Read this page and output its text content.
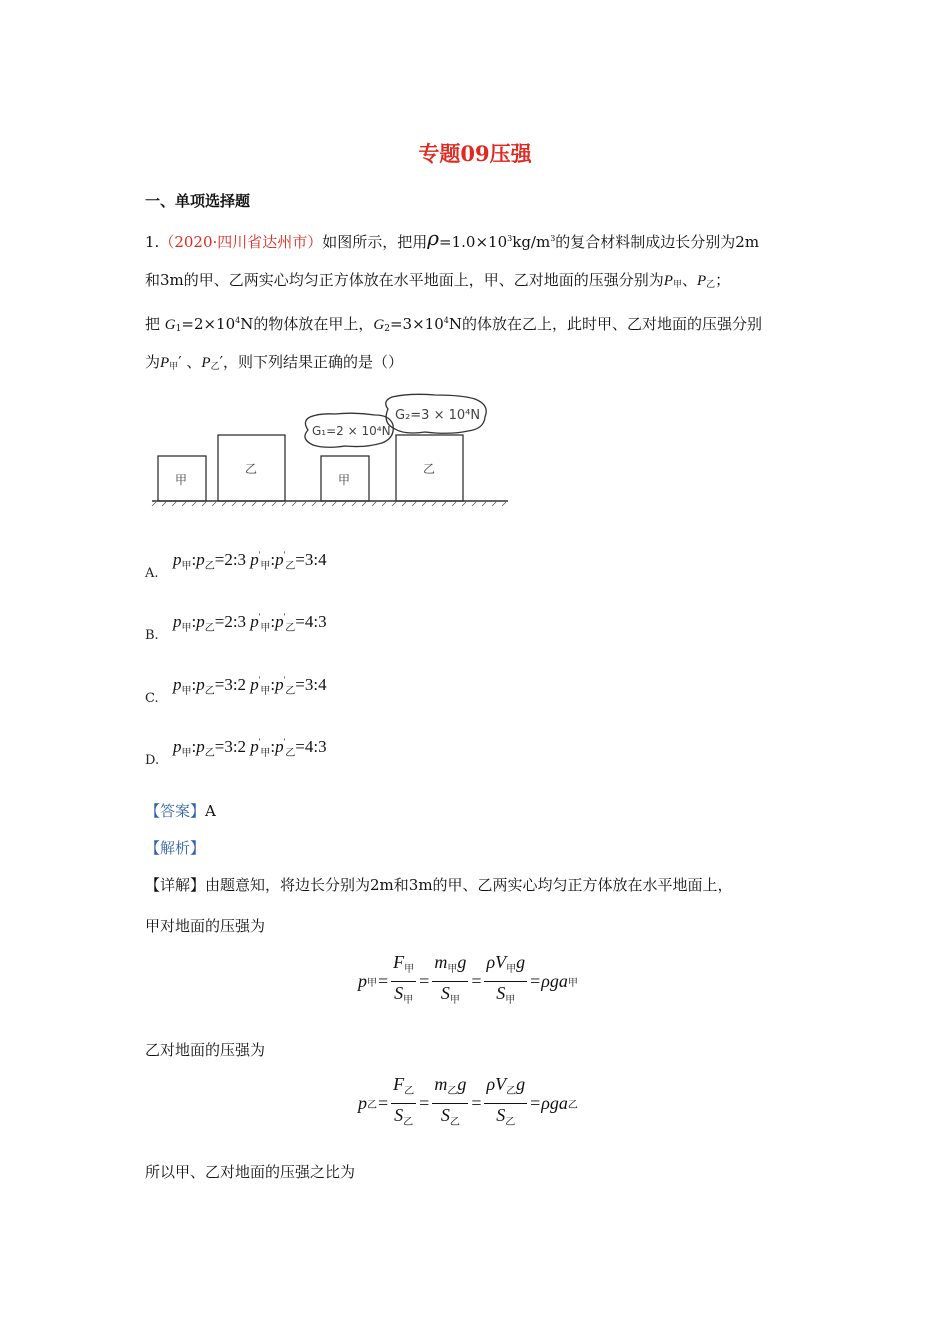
专题09压强
一、单项选择题
1.（2020·四川省达州市）如图所示，把用$\rho=1.0\times 10^3kg/m^3$的复合材料制成边长分别为2m
和3m的甲、乙两实心均匀正方体放在水平地面上，甲、乙对地面的压强分别为$P_甲$、$P_乙$；
把 $G_1=2\times 10^4N$的物体放在甲上，$G_2=3\times 10^4N$的体放在乙上，此时甲、乙对地面的压强分别
为$P_甲'$ 、$P_乙'$，则下列结果正确的是（）
甲
乙
甲
乙
G₁=2 × 10⁴N
G₂=3 × 10⁴N
A.
$p_甲:p_乙=2:3$ $p'_甲:p'_乙=3:4$
B.
$p_甲:p_乙=2:3$ $p'_甲:p'_乙=4:3$
C.
$p_甲:p_乙=3:2$ $p'_甲:p'_乙=3:4$
D.
$p_甲:p_乙=3:2$ $p'_甲:p'_乙=4:3$
【答案】A
【解析】
【详解】由题意知，将边长分别为2m和3m的甲、乙两实心均匀正方体放在水平地面上，
甲对地面的压强为
p 甲 = $\frac{F_甲}{S_甲} = \frac{m_甲g}{S_甲} = \frac{\rho V_甲g}{S_甲} = \rho ga$ 甲
乙对地面的压强为
p 乙 = $\frac{F_乙}{S_乙} = \frac{m_乙g}{S_乙} = \frac{\rho V_乙g}{S_乙} = \rho ga$ 乙
所以甲、乙对地面的压强之比为
